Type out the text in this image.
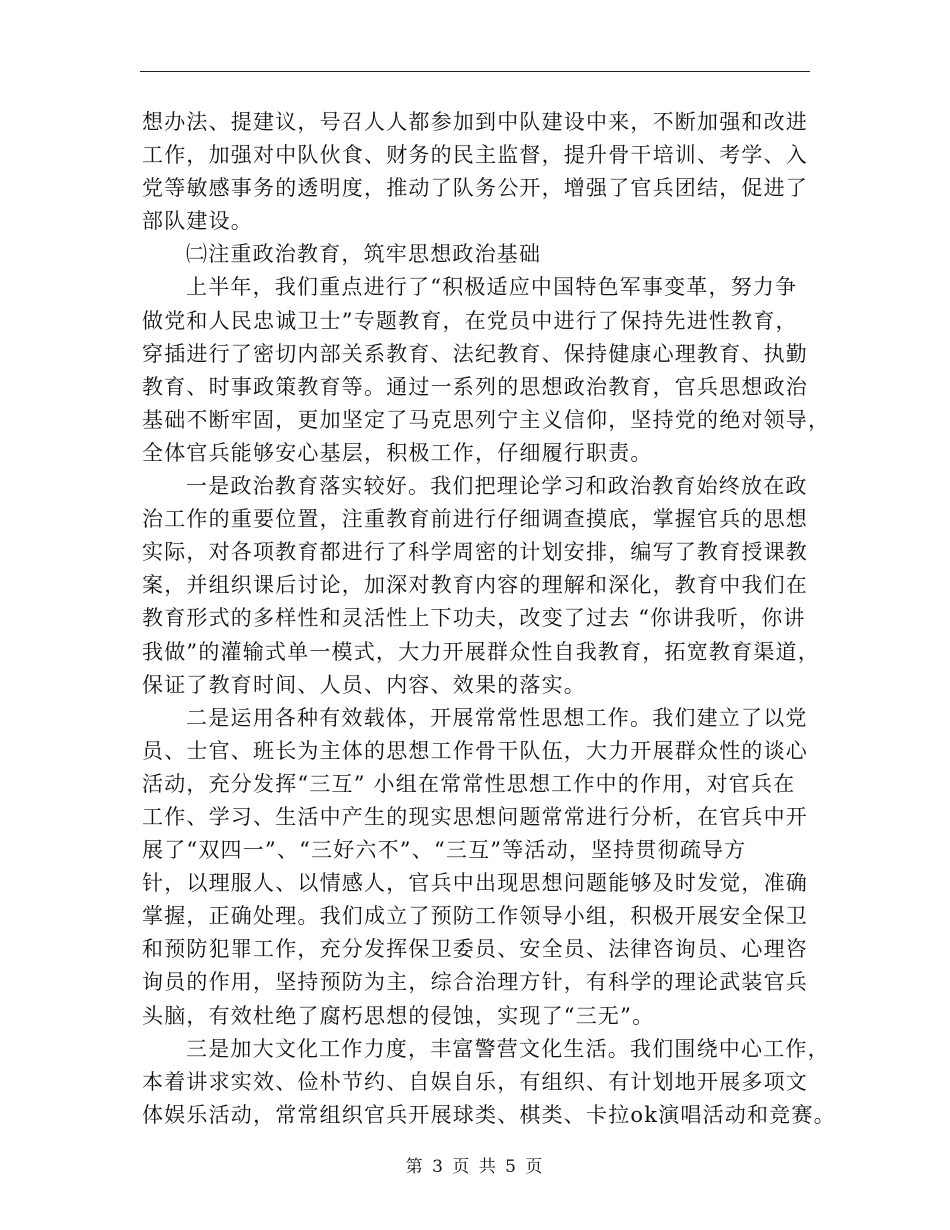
想办法、提建议，号召人人都参加到中队建设中来，不断加强和改进
工作，加强对中队伙食、财务的民主监督，提升骨干培训、考学、入
党等敏感事务的透明度，推动了队务公开，增强了官兵团结，促进了
部队建设。
㈡注重政治教育，筑牢思想政治基础
上半年，我们重点进行了“积极适应中国特色军事变革，努力争
做党和人民忠诚卫士”专题教育，在党员中进行了保持先进性教育，
穿插进行了密切内部关系教育、法纪教育、保持健康心理教育、执勤
教育、时事政策教育等。通过一系列的思想政治教育，官兵思想政治
基础不断牢固，更加坚定了马克思列宁主义信仰，坚持党的绝对领导，
全体官兵能够安心基层，积极工作，仔细履行职责。
一是政治教育落实较好。我们把理论学习和政治教育始终放在政
治工作的重要位置，注重教育前进行仔细调查摸底，掌握官兵的思想
实际，对各项教育都进行了科学周密的计划安排，编写了教育授课教
案，并组织课后讨论，加深对教育内容的理解和深化，教育中我们在
教育形式的多样性和灵活性上下功夫，改变了过去 “你讲我听，你讲
我做”的灌输式单一模式，大力开展群众性自我教育，拓宽教育渠道，
保证了教育时间、人员、内容、效果的落实。
二是运用各种有效载体，开展常常性思想工作。我们建立了以党
员、士官、班长为主体的思想工作骨干队伍，大力开展群众性的谈心
活动，充分发挥“三互” 小组在常常性思想工作中的作用，对官兵在
工作、学习、生活中产生的现实思想问题常常进行分析，在官兵中开
展了“双四一”、“三好六不”、“三互”等活动，坚持贯彻疏导方
针，以理服人、以情感人，官兵中出现思想问题能够及时发觉，准确
掌握，正确处理。我们成立了预防工作领导小组，积极开展安全保卫
和预防犯罪工作，充分发挥保卫委员、安全员、法律咨询员、心理咨
询员的作用，坚持预防为主，综合治理方针，有科学的理论武装官兵
头脑，有效杜绝了腐朽思想的侵蚀，实现了“三无”。
三是加大文化工作力度，丰富警营文化生活。我们围绕中心工作，
本着讲求实效、俭朴节约、自娱自乐，有组织、有计划地开展多项文
体娱乐活动，常常组织官兵开展球类、棋类、卡拉ok演唱活动和竞赛。
第 3 页 共 5 页
